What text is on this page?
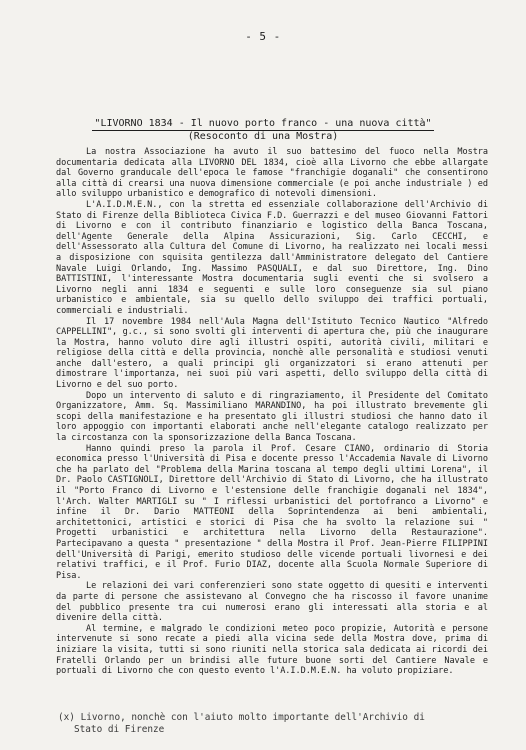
- 5 -
"LIVORNO 1834 - Il nuovo porto franco - una nuova città"
(Resoconto di una Mostra)

La nostra Associazione ha avuto il suo battesimo del fuoco nella Mostra documentaria dedicata alla LIVORNO DEL 1834, cioè alla Livorno che ebbe allargate dal Governo granducale dell'epoca le famose "franchigie doganali" che consentirono alla città di crearsi una nuova dimensione commerciale (e poi anche industriale ) ed allo sviluppo urbanistico e demografico di notevoli dimensioni.

L'A.I.D.M.E.N., con la stretta ed essenziale collaborazione dell'Archivio di Stato di Firenze della Biblioteca Civica F.D. Guerrazzi e del museo Giovanni Fattori di Livorno e con il contributo finanziario e logistico della Banca Toscana, dell'Agente Generale della Alpina Assicurazioni, Sig. Carlo CECCHI, e dell'Assessorato alla Cultura del Comune di Livorno, ha realizzato nei locali messi a disposizione con squisita gentilezza dall'Amministratore delegato del Cantiere Navale Luigi Orlando, Ing. Massimo PASQUALI, e dal suo Direttore, Ing. Dino BATTISTINI, l'interessante Mostra documentaria sugli eventi che si svolsero a Livorno negli anni 1834 e seguenti e sulle loro conseguenze sia sul piano urbanistico e ambientale, sia su quello dello sviluppo dei traffici portuali, commerciali e industriali.

Il 17 novembre 1984 nell'Aula Magna dell'Istituto Tecnico Nautico "Alfredo CAPPELLINI", g.c., si sono svolti gli interventi di apertura che, più che inaugurare la Mostra, hanno voluto dire agli illustri ospiti, autorità civili, militari e religiose della città e della provincia, nonchè alle personalità e studiosi venuti anche dall'estero, a quali principi gli organizzatori si erano attenuti per dimostrare l'importanza, nei suoi più vari aspetti, dello sviluppo della città di Livorno e del suo porto.

Dopo un intervento di saluto e di ringraziamento, il Presidente del Comitato Organizzatore, Amm. Sq. Massimiliano MARANDINO, ha poi illustrato brevemente gli scopi della manifestazione e ha presentato gli illustri studiosi che hanno dato il loro appoggio con importanti elaborati anche nell'elegante catalogo realizzato per la circostanza con la sponsorizzazione della Banca Toscana.

Hanno quindi preso la parola il Prof. Cesare CIANO, ordinario di Storia economica presso l'Università di Pisa e docente presso l'Accademia Navale di Livorno che ha parlato del "Problema della Marina toscana al tempo degli ultimi Lorena", il Dr. Paolo CASTIGNOLI, Direttore dell'Archivio di Stato di Livorno, che ha illustrato il "Porto Franco di Livorno e l'estensione delle franchigie doganali nel 1834", l'Arch. Walter MARTIGLI su " I riflessi urbanistici del portofranco a Livorno" e infine il Dr. Dario MATTEONI della Soprintendenza ai beni ambientali, architettonici, artistici e storici di Pisa che ha svolto la relazione sui " Progetti urbanistici e architettura nella Livorno della Restaurazione". Partecipavano a questa " presentazione " della Mostra il Prof. Jean-Pierre FILIPPINI dell'Università di Parigi, emerito studioso delle vicende portuali livornesi e dei relativi traffici, e il Prof. Furio DIAZ, docente alla Scuola Normale Superiore di Pisa.

Le relazioni dei vari conferenzieri sono state oggetto di quesiti e interventi da parte di persone che assistevano al Convegno che ha riscosso il favore unanime del pubblico presente tra cui numerosi erano gli interessati alla storia e al divenire della città.

Al termine, e malgrado le condizioni meteo poco propizie, Autorità e persone intervenute si sono recate a piedi alla vicina sede della Mostra dove, prima di iniziare la visita, tutti si sono riuniti nella storica sala dedicata ai ricordi dei Fratelli Orlando per un brindisi alle future buone sorti del Cantiere Navale e portuali di Livorno che con questo evento l'A.I.D.M.E.N. ha voluto propiziare.

(x) Livorno, nonchè con l'aiuto molto importante dell'Archivio di
Stato di Firenze
